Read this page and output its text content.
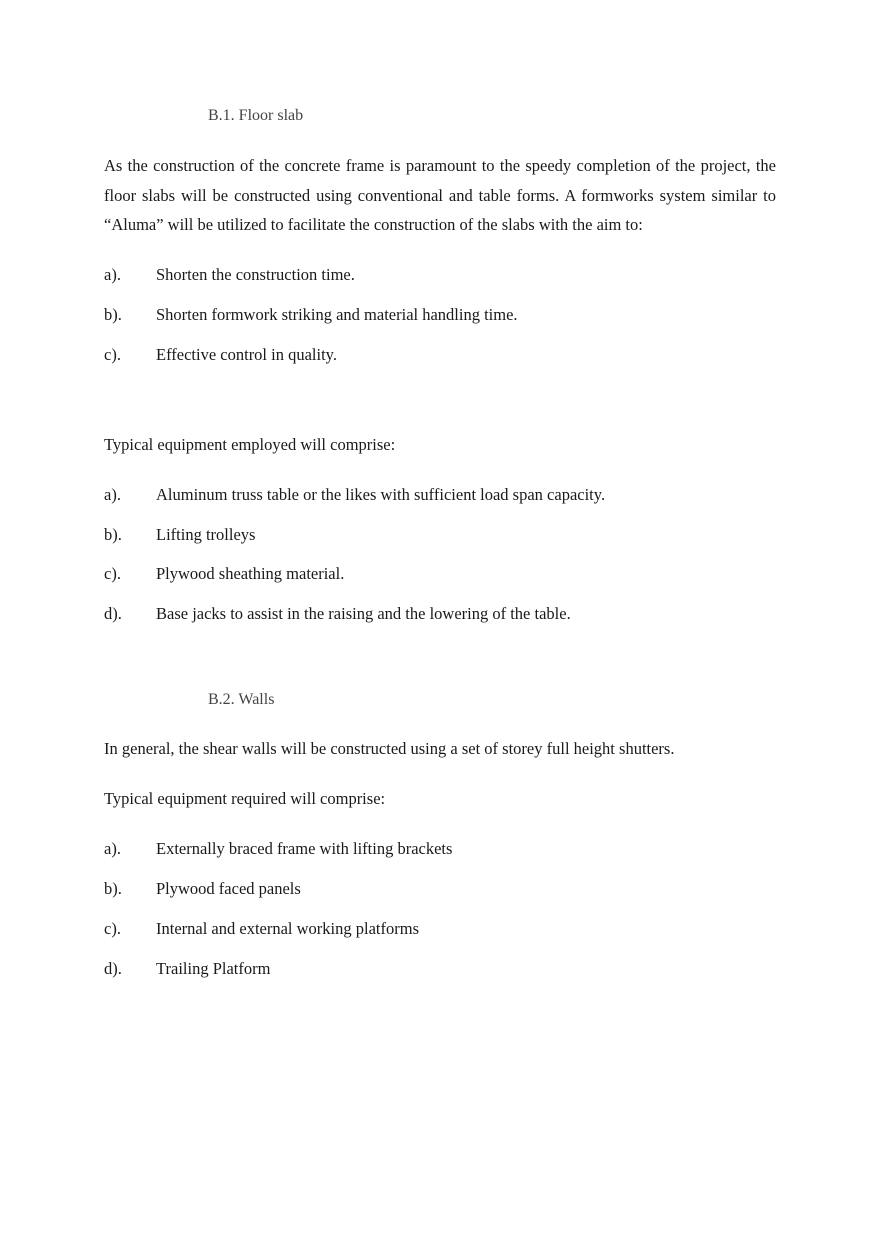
B.1. Floor slab

As the construction of the concrete frame is paramount to the speedy completion of the project, the floor slabs will be constructed using conventional and table forms. A formworks system similar to “Aluma” will be utilized to facilitate the construction of the slabs with the aim to:

a). Shorten the construction time.
b). Shorten formwork striking and material handling time.
c). Effective control in quality.
Typical equipment employed will comprise:
a). Aluminum truss table or the likes with sufficient load span capacity.
b). Lifting trolleys
c). Plywood sheathing material.
d). Base jacks to assist in the raising and the lowering of the table.
B.2. Walls
In general, the shear walls will be constructed using a set of storey full height shutters.
Typical equipment required will comprise:
a). Externally braced frame with lifting brackets
b). Plywood faced panels
c). Internal and external working platforms
d). Trailing Platform
